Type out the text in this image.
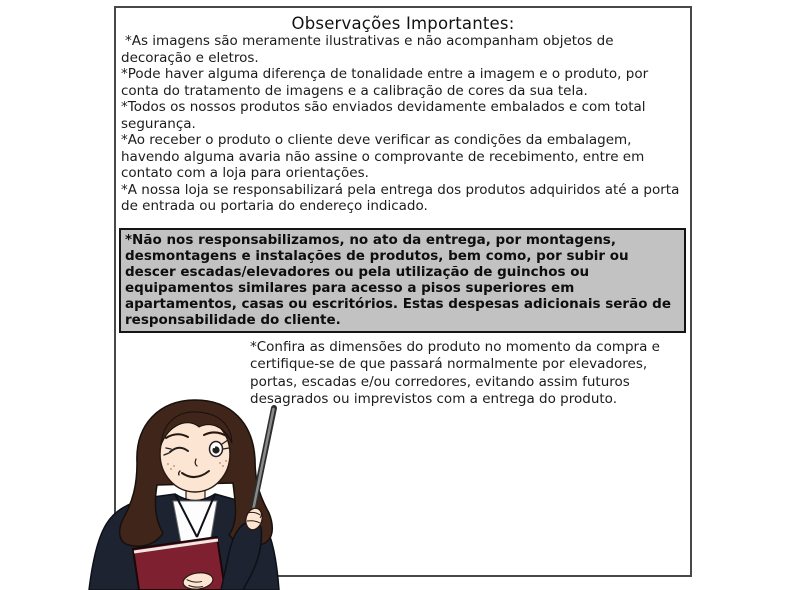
Observações Importantes:

*As imagens são meramente ilustrativas e não acompanham objetos de decoração e eletros.

*Pode haver alguma diferença de tonalidade entre a imagem e o produto, por conta do tratamento de imagens e a calibração de cores da sua tela.

*Todos os nossos produtos são enviados devidamente embalados e com total segurança.

*Ao receber o produto o cliente deve verificar as condições da embalagem, havendo alguma avaria não assine o comprovante de recebimento, entre em contato com a loja para orientações.

*A nossa loja se responsabilizará pela entrega dos produtos adquiridos até a porta de entrada ou portaria do endereço indicado.

*Não nos responsabilizamos, no ato da entrega, por montagens, desmontagens e instalações de produtos, bem como, por subir ou descer escadas/elevadores ou pela utilização de guinchos ou equipamentos similares para acesso a pisos superiores em apartamentos, casas ou escritórios. Estas despesas adicionais serão de responsabilidade do cliente.

*Confira as dimensões do produto no momento da compra e certifique-se de que passará normalmente por elevadores, portas, escadas e/ou corredores, evitando assim futuros desagrados ou imprevistos com a entrega do produto.
